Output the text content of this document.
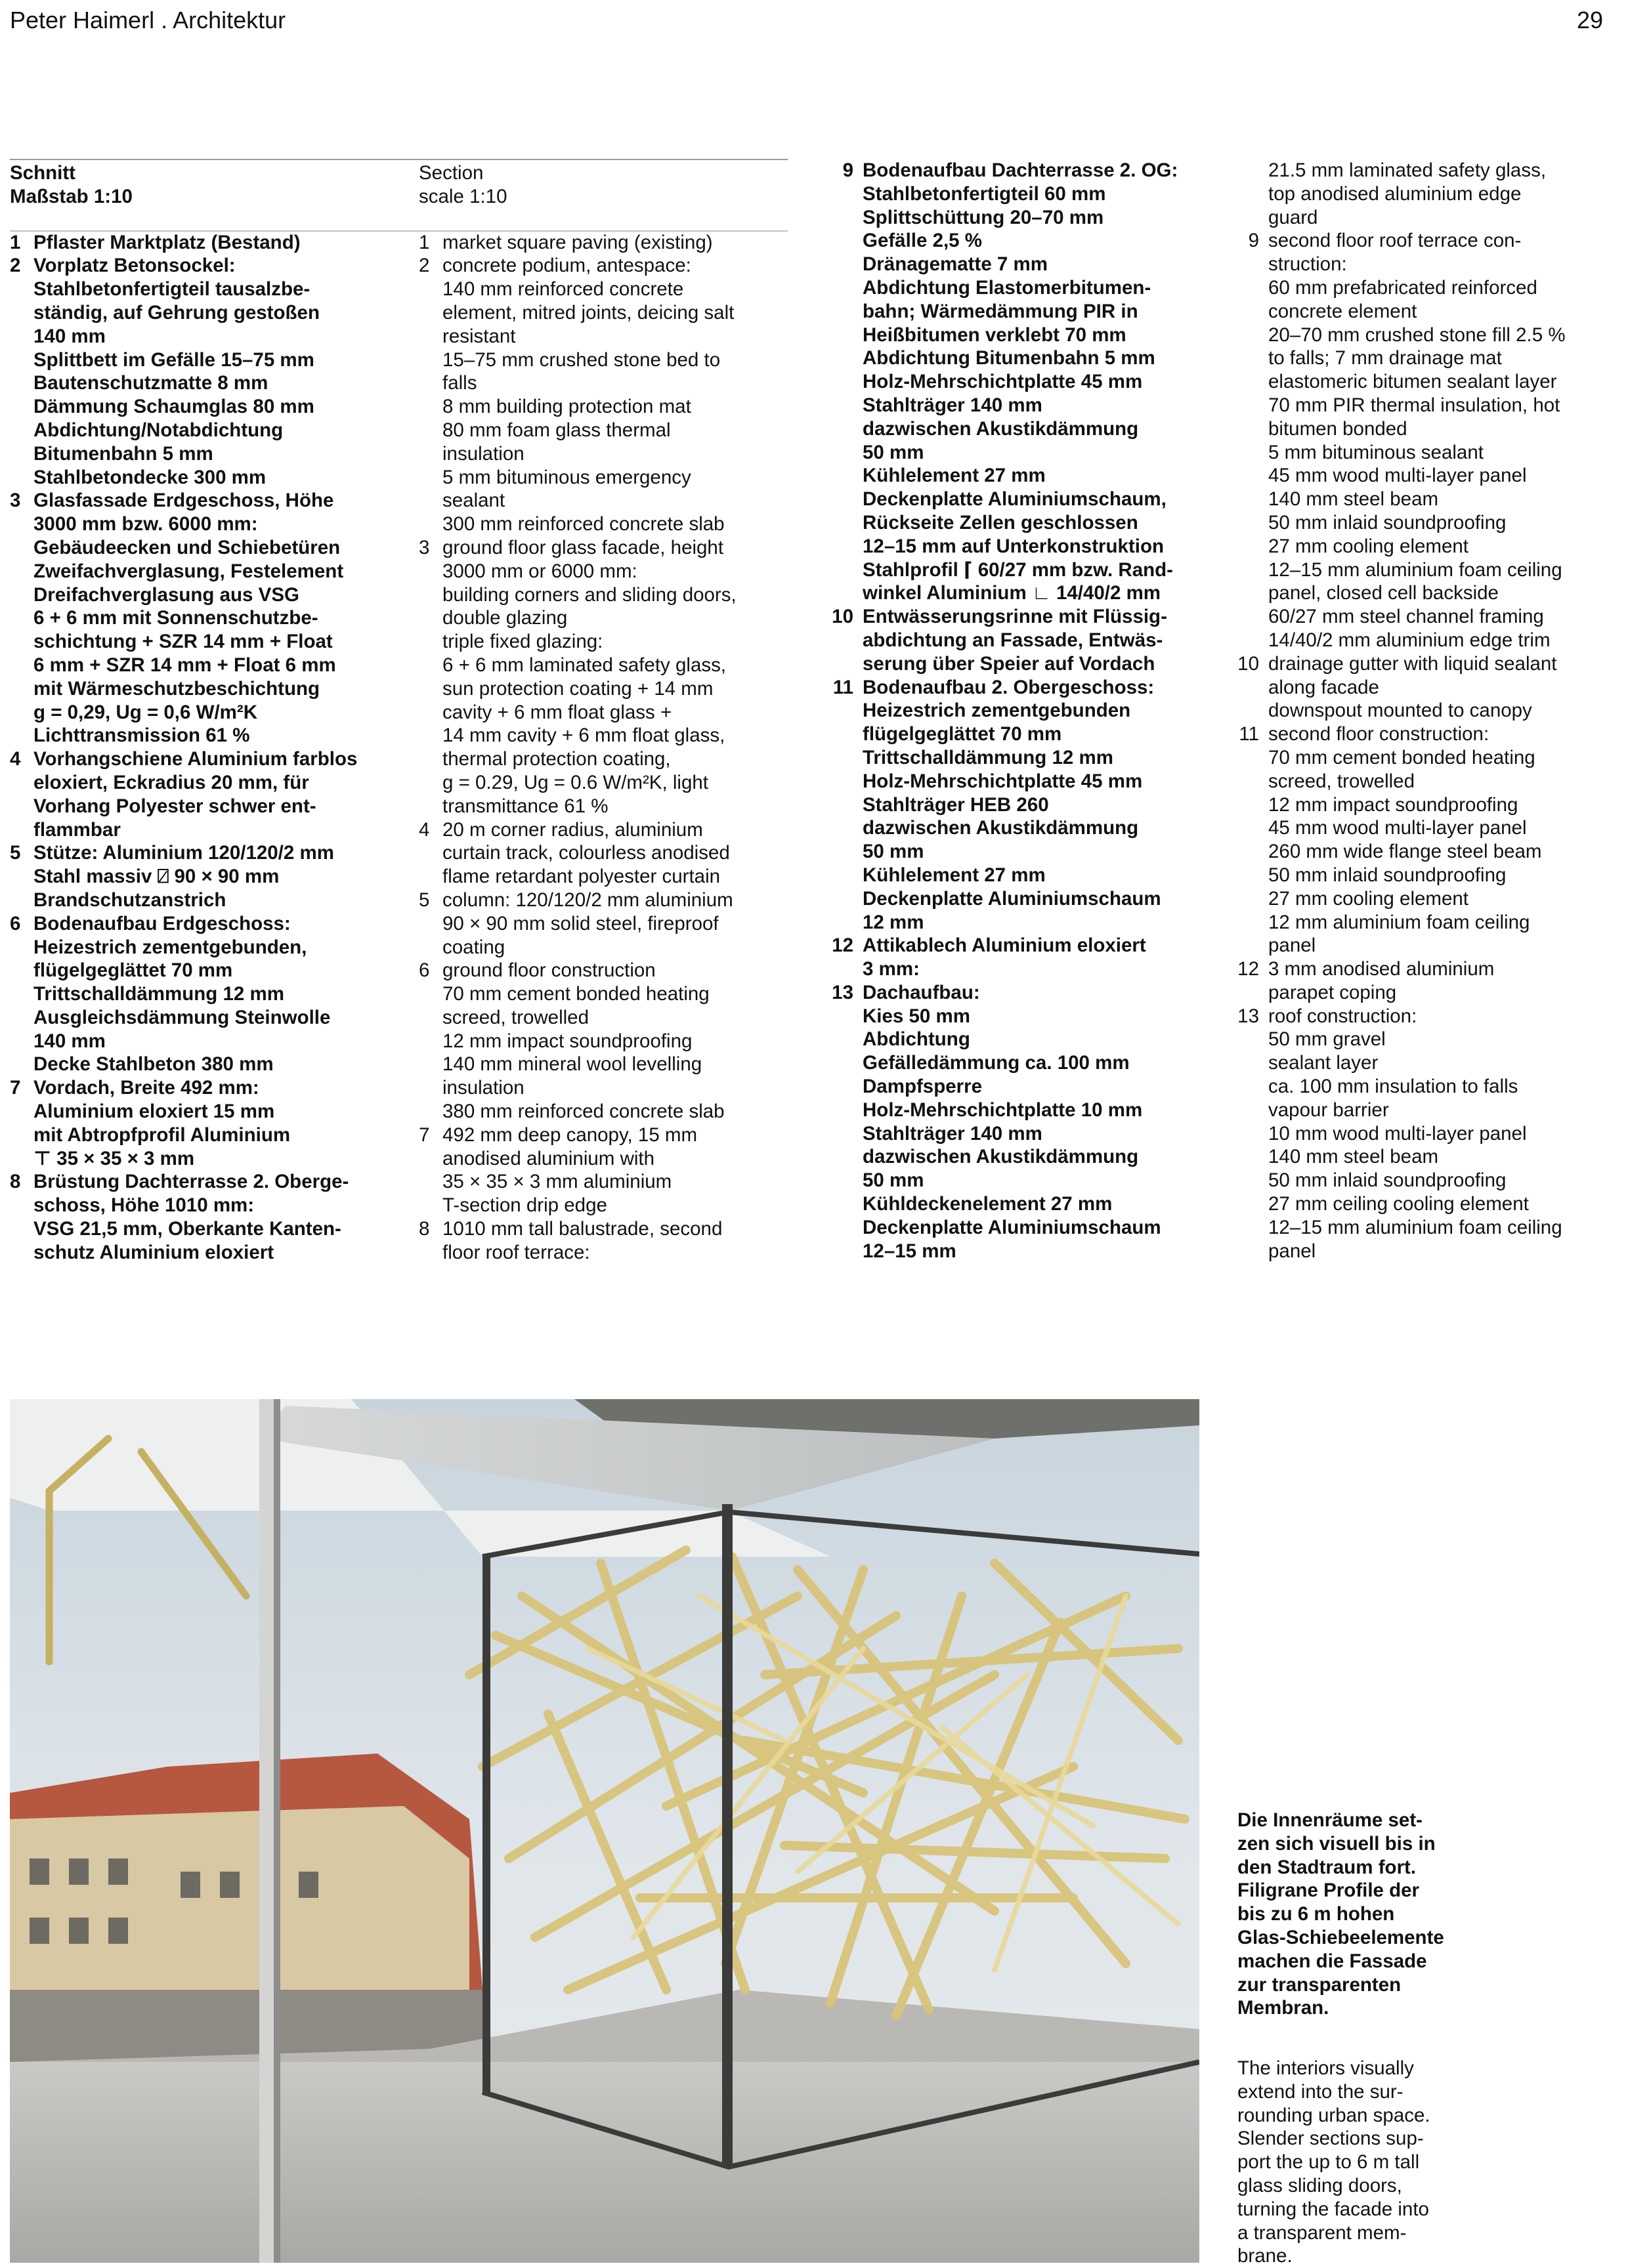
Peter Haimerl . Architektur	29
Schnitt
Maßstab 1:10
1 Pflaster Marktplatz (Bestand)
2 Vorplatz Betonsockel:
Stahlbetonfertigteil tausalzbe-
ständig, auf Gehrung gestoßen
140 mm
Splittbett im Gefälle 15–75 mm
Bautenschutzmatte 8 mm
Dämmung Schaumglas 80 mm
Abdichtung/Notabdichtung
Bitumenbahn 5 mm
Stahlbetondecke 300 mm
3 Glasfassade Erdgeschoss, Höhe
3000 mm bzw. 6000 mm:
Gebäudeecken und Schiebetüren
Zweifachverglasung, Festelement
Dreifachverglasung aus VSG
6 + 6 mm mit Sonnenschutzbe-
schichtung + SZR 14 mm + Float
6 mm + SZR 14 mm + Float 6 mm
mit Wärmeschutzbeschichtung
g = 0,29, Ug = 0,6 W/m²K
Lichttransmission 61 %
4 Vorhangschiene Aluminium farblos
eloxiert, Eckradius 20 mm, für
Vorhang Polyester schwer ent-
flammbar
5 Stütze: Aluminium 120/120/2 mm
Stahl massiv ⍁ 90 × 90 mm
Brandschutzanstrich
6 Bodenaufbau Erdgeschoss:
Heizestrich zementgebunden,
flügelgeglättet 70 mm
Trittschalldämmung 12 mm
Ausgleichsdämmung Steinwolle
140 mm
Decke Stahlbeton 380 mm
7 Vordach, Breite 492 mm:
Aluminium eloxiert 15 mm
mit Abtropfprofil Aluminium
⊤ 35 × 35 × 3 mm
8 Brüstung Dachterrasse 2. Oberge-
schoss, Höhe 1010 mm:
VSG 21,5 mm, Oberkante Kanten-
schutz Aluminium eloxiert
Section
scale 1:10
1 market square paving (existing)
2 concrete podium, antespace:
140 mm reinforced concrete
element, mitred joints, deicing salt
resistant
15–75 mm crushed stone bed to
falls
8 mm building protection mat
80 mm foam glass thermal
insulation
5 mm bituminous emergency
sealant
300 mm reinforced concrete slab
3 ground floor glass facade, height
3000 mm or 6000 mm:
building corners and sliding doors,
double glazing
triple fixed glazing:
6 + 6 mm laminated safety glass,
sun protection coating + 14 mm
cavity + 6 mm float glass +
14 mm cavity + 6 mm float glass,
thermal protection coating,
g = 0.29, Ug = 0.6 W/m²K, light
transmittance 61 %
4 20 m corner radius, aluminium
curtain track, colourless anodised
flame retardant polyester curtain
5 column: 120/120/2 mm aluminium
90 × 90 mm solid steel, fireproof
coating
6 ground floor construction
70 mm cement bonded heating
screed, trowelled
12 mm impact soundproofing
140 mm mineral wool levelling
insulation
380 mm reinforced concrete slab
7 492 mm deep canopy, 15 mm
anodised aluminium with
35 × 35 × 3 mm aluminium
T-section drip edge
8 1010 mm tall balustrade, second
floor roof terrace:
9 Bodenaufbau Dachterrasse 2. OG:
Stahlbetonfertigteil 60 mm
Splittschüttung 20–70 mm
Gefälle 2,5 %
Dränagematte 7 mm
Abdichtung Elastomerbitumen-
bahn; Wärmedämmung PIR in
Heißbitumen verklebt 70 mm
Abdichtung Bitumenbahn 5 mm
Holz-Mehrschichtplatte 45 mm
Stahlträger 140 mm
dazwischen Akustikdämmung
50 mm
Kühlelement 27 mm
Deckenplatte Aluminiumschaum,
Rückseite Zellen geschlossen
12–15 mm auf Unterkonstruktion
Stahlprofil ⌈ 60/27 mm bzw. Rand-
winkel Aluminium ∟ 14/40/2 mm
10 Entwässerungsrinne mit Flüssig-
abdichtung an Fassade, Entwäs-
serung über Speier auf Vordach
11 Bodenaufbau 2. Obergeschoss:
Heizestrich zementgebunden
flügelgeglättet 70 mm
Trittschalldämmung 12 mm
Holz-Mehrschichtplatte 45 mm
Stahlträger HEB 260
dazwischen Akustikdämmung
50 mm
Kühlelement 27 mm
Deckenplatte Aluminiumschaum
12 mm
12 Attikablech Aluminium eloxiert
3 mm:
13 Dachaufbau:
Kies 50 mm
Abdichtung
Gefälledämmung ca. 100 mm
Dampfsperre
Holz-Mehrschichtplatte 10 mm
Stahlträger 140 mm
dazwischen Akustikdämmung
50 mm
Kühldeckenelement 27 mm
Deckenplatte Aluminiumschaum
12–15 mm
21.5 mm laminated safety glass,
top anodised aluminium edge
guard
9 second floor roof terrace con-
struction:
60 mm prefabricated reinforced
concrete element
20–70 mm crushed stone fill 2.5 %
to falls; 7 mm drainage mat
elastomeric bitumen sealant layer
70 mm PIR thermal insulation, hot
bitumen bonded
5 mm bituminous sealant
45 mm wood multi-layer panel
140 mm steel beam
50 mm inlaid soundproofing
27 mm cooling element
12–15 mm aluminium foam ceiling
panel, closed cell backside
60/27 mm steel channel framing
14/40/2 mm aluminium edge trim
10 drainage gutter with liquid sealant
along facade
downspout mounted to canopy
11 second floor construction:
70 mm cement bonded heating
screed, trowelled
12 mm impact soundproofing
45 mm wood multi-layer panel
260 mm wide flange steel beam
50 mm inlaid soundproofing
27 mm cooling element
12 mm aluminium foam ceiling
panel
12 3 mm anodised aluminium
parapet coping
13 roof construction:
50 mm gravel
sealant layer
ca. 100 mm insulation to falls
vapour barrier
10 mm wood multi-layer panel
140 mm steel beam
50 mm inlaid soundproofing
27 mm ceiling cooling element
12–15 mm aluminium foam ceiling
panel
Die Innenräume set-
zen sich visuell bis in
den Stadtraum fort.
Filigrane Profile der
bis zu 6 m hohen
Glas-Schiebeelemente
machen die Fassade
zur transparenten
Membran.
The interiors visually
extend into the sur-
rounding urban space.
Slender sections sup-
port the up to 6 m tall
glass sliding doors,
turning the facade into
a transparent mem-
brane.
